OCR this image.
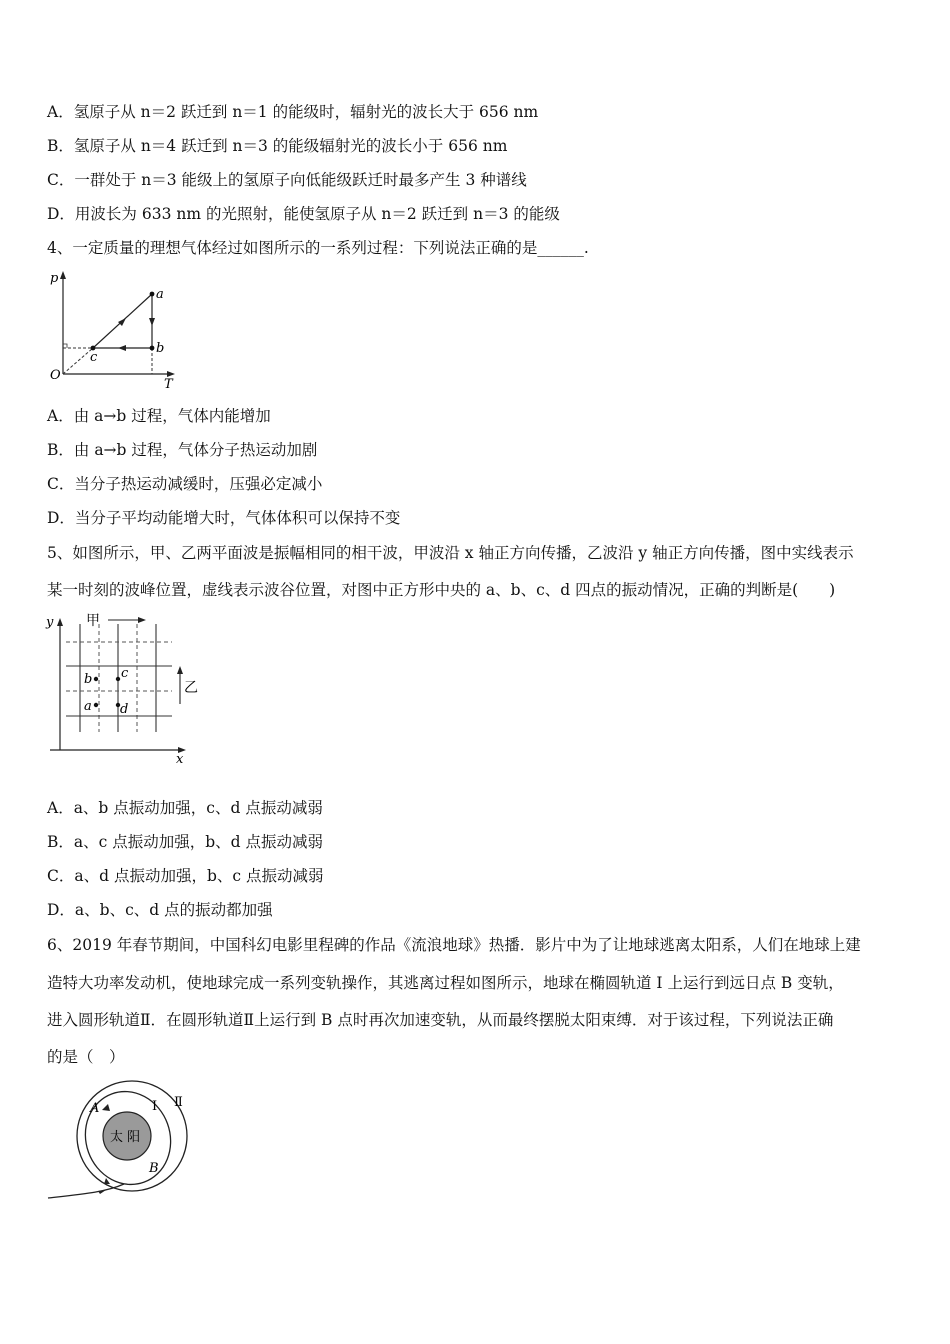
A．氢原子从 n＝2 跃迁到 n＝1 的能级时，辐射光的波长大于 656 nm
B．氢原子从 n＝4 跃迁到 n＝3 的能级辐射光的波长小于 656 nm
C．一群处于 n＝3 能级上的氢原子向低能级跃迁时最多产生 3 种谱线
D．用波长为 633 nm 的光照射，能使氢原子从 n＝2 跃迁到 n＝3 的能级
4、一定质量的理想气体经过如图所示的一系列过程：下列说法正确的是______.
p
T
O
a
b
c
A．由 a→b 过程，气体内能增加
B．由 a→b 过程，气体分子热运动加剧
C．当分子热运动减缓时，压强必定减小
D．当分子平均动能增大时，气体体积可以保持不变
5、如图所示，甲、乙两平面波是振幅相同的相干波，甲波沿 x 轴正方向传播，乙波沿 y 轴正方向传播，图中实线表示
某一时刻的波峰位置，虚线表示波谷位置，对图中正方形中央的 a、b、c、d 四点的振动情况，正确的判断是(　　)
y
x
甲
乙
b c
a d
A．a、b 点振动加强，c、d 点振动减弱
B．a、c 点振动加强，b、d 点振动减弱
C．a、d 点振动加强，b、c 点振动减弱
D．a、b、c、d 点的振动都加强
6、2019 年春节期间，中国科幻电影里程碑的作品《流浪地球》热播．影片中为了让地球逃离太阳系，人们在地球上建
造特大功率发动机，使地球完成一系列变轨操作，其逃离过程如图所示，地球在椭圆轨道 I 上运行到远日点 B 变轨，
进入圆形轨道Ⅱ．在圆形轨道Ⅱ上运行到 B 点时再次加速变轨，从而最终摆脱太阳束缚．对于该过程，下列说法正确
的是（　）
太 阳
A
B
Ⅰ Ⅱ
